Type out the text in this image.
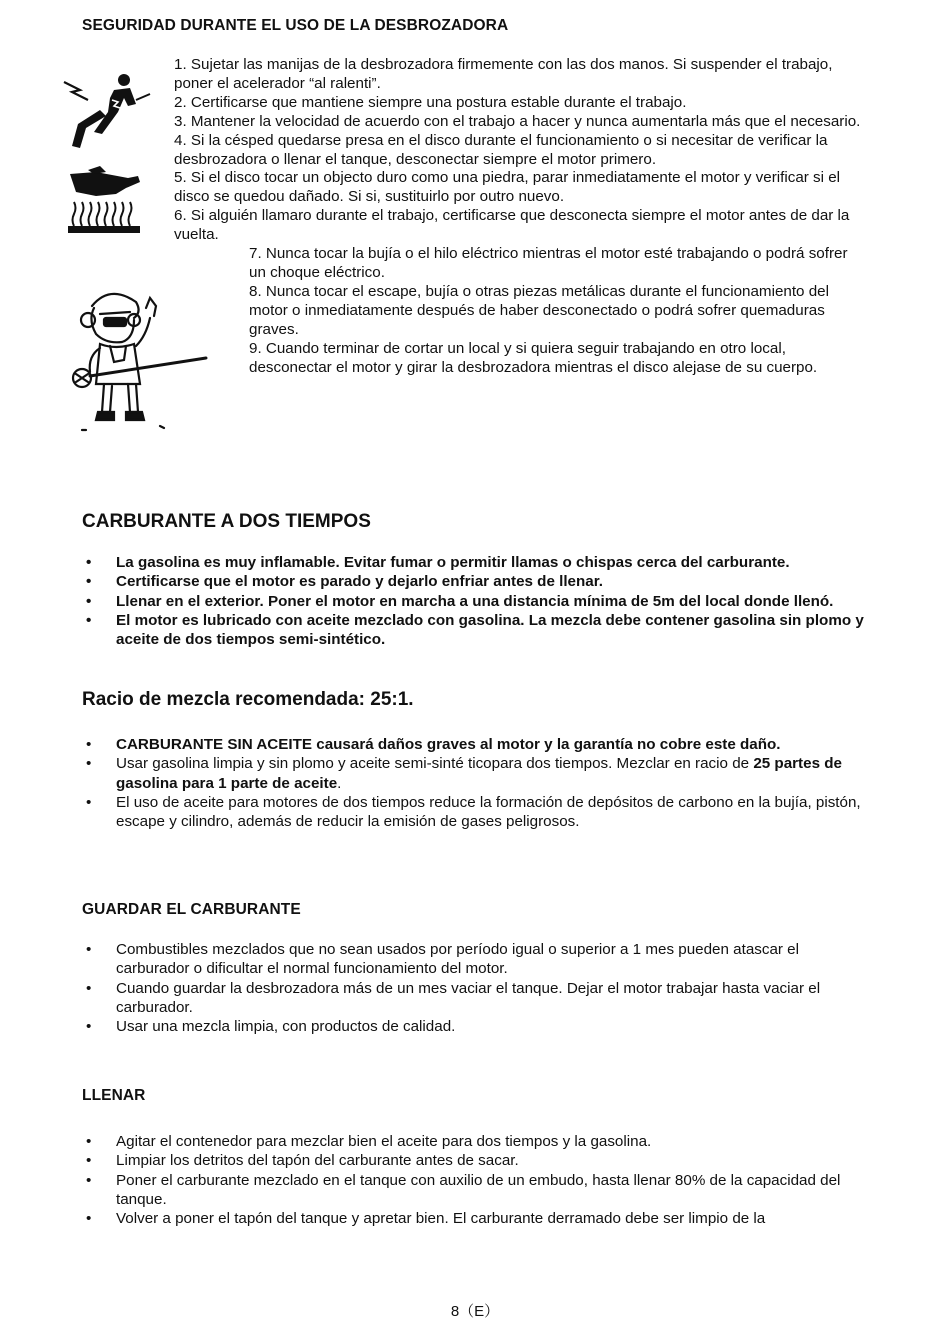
SEGURIDAD DURANTE EL USO DE LA DESBROZADORA

1. Sujetar las manijas de la desbrozadora firmemente con las dos manos. Si suspender el trabajo, poner el acelerador “al ralenti”.

2. Certificarse que mantiene siempre una postura estable durante el trabajo.

3. Mantener la velocidad de acuerdo con el trabajo a hacer y nunca aumentarla más que el necesario.

4. Si la césped quedarse presa en el disco durante el funcionamiento o si necesitar de verificar la desbrozadora o llenar el tanque, desconectar siempre el motor primero.

5. Si el disco tocar un objecto duro como una piedra, parar inmediatamente el motor y verificar si el disco se quedou dañado. Si si, sustituirlo por outro nuevo.

6. Si alguién llamaro durante el trabajo, certificarse que desconecta siempre el motor antes de dar la vuelta.

7. Nunca tocar la bujía o el hilo eléctrico mientras el motor esté trabajando o podrá sofrer un choque eléctrico.

8. Nunca tocar el escape, bujía o otras piezas metálicas durante el funcionamiento del motor o inmediatamente después de haber desconectado o podrá sofrer quemaduras graves.

9. Cuando terminar de cortar un local y si quiera seguir trabajando en otro local, desconectar el motor y girar la desbrozadora mientras el disco alejase de su cuerpo.

CARBURANTE A DOS TIEMPOS
• La gasolina es muy inflamable. Evitar fumar o permitir llamas o chispas cerca del carburante.
• Certificarse que el motor es parado y dejarlo enfriar antes de llenar.
• Llenar en el exterior. Poner el motor en marcha a una distancia mínima de 5m del local donde llenó.
• El motor es lubricado con aceite mezclado con gasolina. La mezcla debe contener gasolina sin plomo y aceite de dos tiempos semi-sintético.
Racio de mezcla recomendada: 25:1.
• CARBURANTE SIN ACEITE causará daños graves al motor y la garantía no cobre este daño.
• Usar gasolina limpia y sin plomo y aceite semi-sinté ticopara dos tiempos. Mezclar en racio de 25 partes de gasolina para 1 parte de aceite.
• El uso de aceite para motores de dos tiempos reduce la formación de depósitos de carbono en la bujía, pistón, escape y cilindro, además de reducir la emisión de gases peligrosos.
GUARDAR EL CARBURANTE
• Combustibles mezclados que no sean usados por período igual o superior a 1 mes pueden atascar el carburador o dificultar el normal funcionamiento del motor.
• Cuando guardar la desbrozadora más de un mes vaciar el tanque. Dejar el motor trabajar hasta vaciar el carburador.
• Usar una mezcla limpia, con productos de calidad.
LLENAR
• Agitar el contenedor para mezclar bien el aceite para dos tiempos y la gasolina.
• Limpiar los detritos del tapón del carburante antes de sacar.
• Poner el carburante mezclado en el tanque con auxilio de un embudo, hasta llenar 80% de la capacidad del tanque.
• Volver a poner el tapón del tanque y apretar bien. El carburante derramado debe ser limpio de la
8（E）
